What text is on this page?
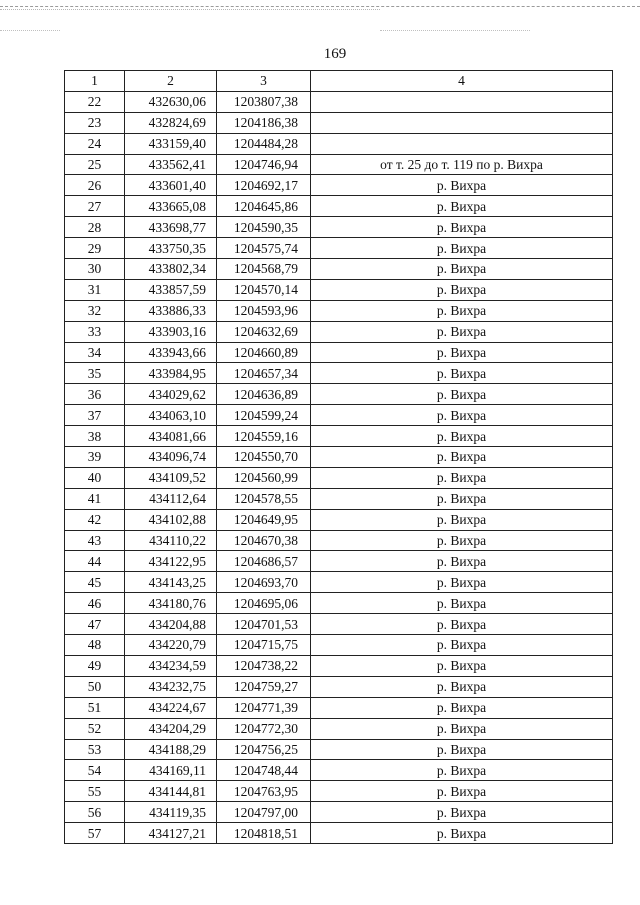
169
1	2	3	4
22	432630,06	1203807,38	
23	432824,69	1204186,38	
24	433159,40	1204484,28	
25	433562,41	1204746,94	от т. 25 до т. 119 по р. Вихра
26	433601,40	1204692,17	р. Вихра
27	433665,08	1204645,86	р. Вихра
28	433698,77	1204590,35	р. Вихра
29	433750,35	1204575,74	р. Вихра
30	433802,34	1204568,79	р. Вихра
31	433857,59	1204570,14	р. Вихра
32	433886,33	1204593,96	р. Вихра
33	433903,16	1204632,69	р. Вихра
34	433943,66	1204660,89	р. Вихра
35	433984,95	1204657,34	р. Вихра
36	434029,62	1204636,89	р. Вихра
37	434063,10	1204599,24	р. Вихра
38	434081,66	1204559,16	р. Вихра
39	434096,74	1204550,70	р. Вихра
40	434109,52	1204560,99	р. Вихра
41	434112,64	1204578,55	р. Вихра
42	434102,88	1204649,95	р. Вихра
43	434110,22	1204670,38	р. Вихра
44	434122,95	1204686,57	р. Вихра
45	434143,25	1204693,70	р. Вихра
46	434180,76	1204695,06	р. Вихра
47	434204,88	1204701,53	р. Вихра
48	434220,79	1204715,75	р. Вихра
49	434234,59	1204738,22	р. Вихра
50	434232,75	1204759,27	р. Вихра
51	434224,67	1204771,39	р. Вихра
52	434204,29	1204772,30	р. Вихра
53	434188,29	1204756,25	р. Вихра
54	434169,11	1204748,44	р. Вихра
55	434144,81	1204763,95	р. Вихра
56	434119,35	1204797,00	р. Вихра
57	434127,21	1204818,51	р. Вихра
